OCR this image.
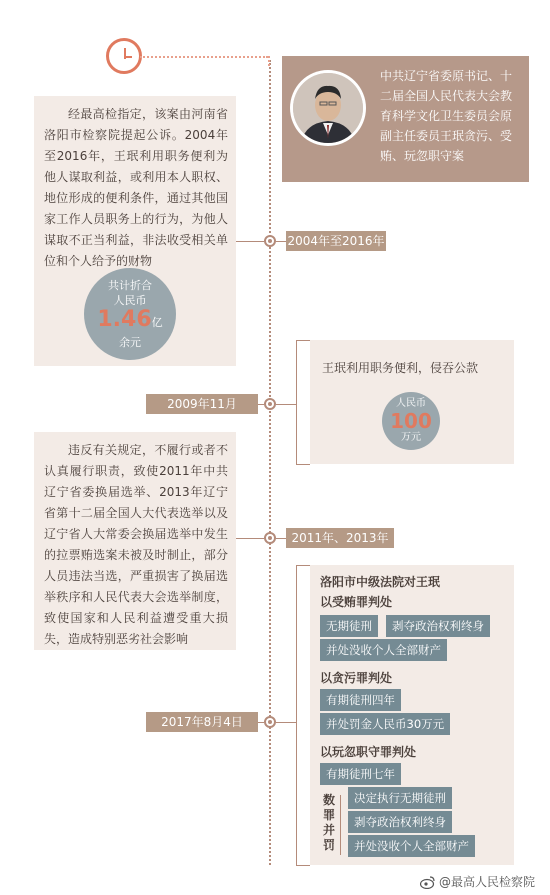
中共辽宁省委原书记、十二届全国人民代表大会教育科学文化卫生委员会原副主任委员王珉贪污、受贿、玩忽职守案
经最高检指定，该案由河南省洛阳市检察院提起公诉。2004年至2016年，王珉利用职务便利为他人谋取利益，或利用本人职权、地位形成的便利条件，通过其他国家工作人员职务上的行为，为他人谋取不正当利益，非法收受相关单位和个人给予的财物
共计折合
人民币
1.46亿
余元
2004年至2016年
王珉利用职务便利，侵吞公款
人民币
100
万元
2009年11月
违反有关规定，不履行或者不认真履行职责，致使2011年中共辽宁省委换届选举、2013年辽宁省第十二届全国人大代表选举以及辽宁省人大常委会换届选举中发生的拉票贿选案未被及时制止，部分人员违法当选，严重损害了换届选举秩序和人民代表大会选举制度，致使国家和人民利益遭受重大损失，造成特别恶劣社会影响
2011年、2013年
洛阳市中级法院对王珉
以受贿罪判处
无期徒刑	剥夺政治权利终身
并处没收个人全部财产
以贪污罪判处
有期徒刑四年
并处罚金人民币30万元
以玩忽职守罪判处
有期徒刑七年
数
罪
并
罚
决定执行无期徒刑
剥夺政治权利终身
并处没收个人全部财产
2017年8月4日
@最高人民检察院
